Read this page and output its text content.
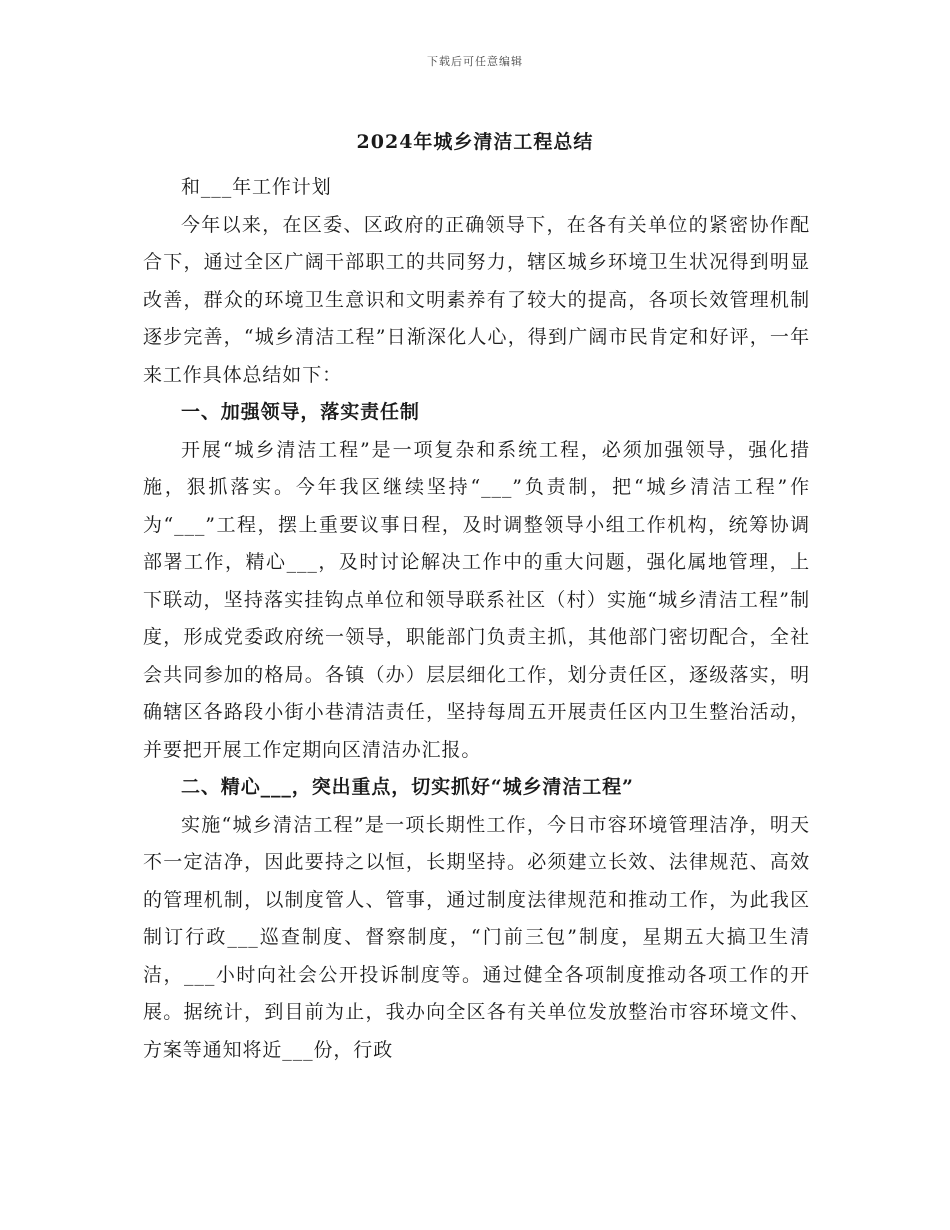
下载后可任意编辑
2024年城乡清洁工程总结

和___年工作计划

今年以来，在区委、区政府的正确领导下，在各有关单位的紧密协作配合下，通过全区广阔干部职工的共同努力，辖区城乡环境卫生状况得到明显改善，群众的环境卫生意识和文明素养有了较大的提高，各项长效管理机制逐步完善，“城乡清洁工程”日渐深化人心，得到广阔市民肯定和好评，一年来工作具体总结如下：

一、加强领导，落实责任制

开展“城乡清洁工程”是一项复杂和系统工程，必须加强领导，强化措施，狠抓落实。今年我区继续坚持“___”负责制，把“城乡清洁工程”作为“___”工程，摆上重要议事日程，及时调整领导小组工作机构，统筹协调部署工作，精心___，及时讨论解决工作中的重大问题，强化属地管理，上下联动，坚持落实挂钩点单位和领导联系社区（村）实施“城乡清洁工程”制度，形成党委政府统一领导，职能部门负责主抓，其他部门密切配合，全社会共同参加的格局。各镇（办）层层细化工作，划分责任区，逐级落实，明确辖区各路段小街小巷清洁责任，坚持每周五开展责任区内卫生整治活动，并要把开展工作定期向区清洁办汇报。

二、精心___，突出重点，切实抓好“城乡清洁工程”

实施“城乡清洁工程”是一项长期性工作，今日市容环境管理洁净，明天不一定洁净，因此要持之以恒，长期坚持。必须建立长效、法律规范、高效的管理机制，以制度管人、管事，通过制度法律规范和推动工作，为此我区制订行政___巡查制度、督察制度，“门前三包”制度，星期五大搞卫生清洁，___小时向社会公开投诉制度等。通过健全各项制度推动各项工作的开展。据统计，到目前为止，我办向全区各有关单位发放整治市容环境文件、方案等通知将近___份，行政
